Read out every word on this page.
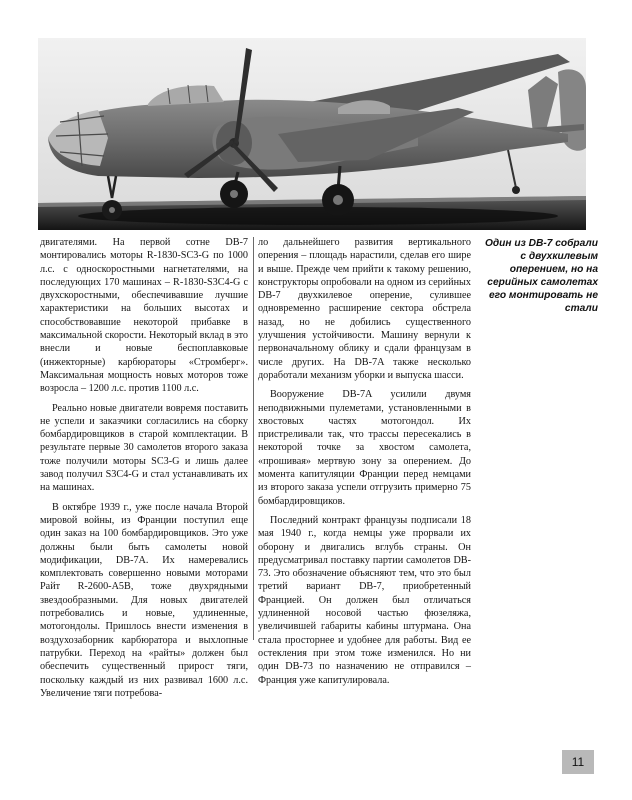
двигателями. На первой сотне DB-7 монтировались моторы R-1830-SC3-G по 1000 л.с. с односкоростными нагнетателями, на последующих 170 машинах – R-1830-S3C4-G с двухскоростными, обеспечивавшие лучшие характеристики на больших высотах и способствовавшие некоторой прибавке в максимальной скорости. Некоторый вклад в это внесли и новые беспоплавковые (инжекторные) карбюраторы «Стромберг». Максимальная мощность новых моторов тоже возросла – 1200 л.с. против 1100 л.с.

Реально новые двигатели вовремя поставить не успели и заказчики согласились на сборку бомбардировщиков в старой комплектации. В результате первые 30 самолетов второго заказа тоже получили моторы SC3-G и лишь далее завод получил S3C4-G и стал устанавливать их на машинах.

В октябре 1939 г., уже после начала Второй мировой войны, из Франции поступил еще один заказ на 100 бомбардировщиков. Это уже должны были быть самолеты новой модификации, DB-7A. Их намеревались комплектовать совершенно новыми моторами Райт R-2600-A5B, тоже двухрядными звездообразными. Для новых двигателей потребовались и новые, удлиненные, мотогондолы. Пришлось внести изменения в воздухозаборник карбюратора и выхлопные патрубки. Переход на «райты» должен был обеспечить существенный прирост тяги, поскольку каждый из них развивал 1600 л.с. Увеличение тяги потребова-

ло дальнейшего развития вертикального оперения – площадь нарастили, сделав его шире и выше. Прежде чем прийти к такому решению, конструкторы опробовали на одном из серийных DB-7 двухкилевое оперение, сулившее одновременно расширение сектора обстрела назад, но не добились существенного улучшения устойчивости. Машину вернули к первоначальному облику и сдали французам в числе других. На DB-7A также несколько доработали механизм уборки и выпуска шасси.

Вооружение DB-7A усилили двумя неподвижными пулеметами, установленными в хвостовых частях мотогондол. Их пристреливали так, что трассы пересекались в некоторой точке за хвостом самолета, «прошивая» мертвую зону за оперением. До момента капитуляции Франции перед немцами из второго заказа успели отгрузить примерно 75 бомбардировщиков.

Последний контракт французы подписали 18 мая 1940 г., когда немцы уже прорвали их оборону и двигались вглубь страны. Он предусматривал поставку партии самолетов DB-73. Это обозначение объясняют тем, что это был третий вариант DB-7, приобретенный Францией. Он должен был отличаться удлиненной носовой частью фюзеляжа, увеличившей габариты кабины штурмана. Она стала просторнее и удобнее для работы. Вид ее остекления при этом тоже изменился. Но ни один DB-73 по назначению не отправился – Франция уже капитулировала.

Один из DB-7 собрали с двухкилевым оперением, но на серийных самолетах его монтировать не стали
11
